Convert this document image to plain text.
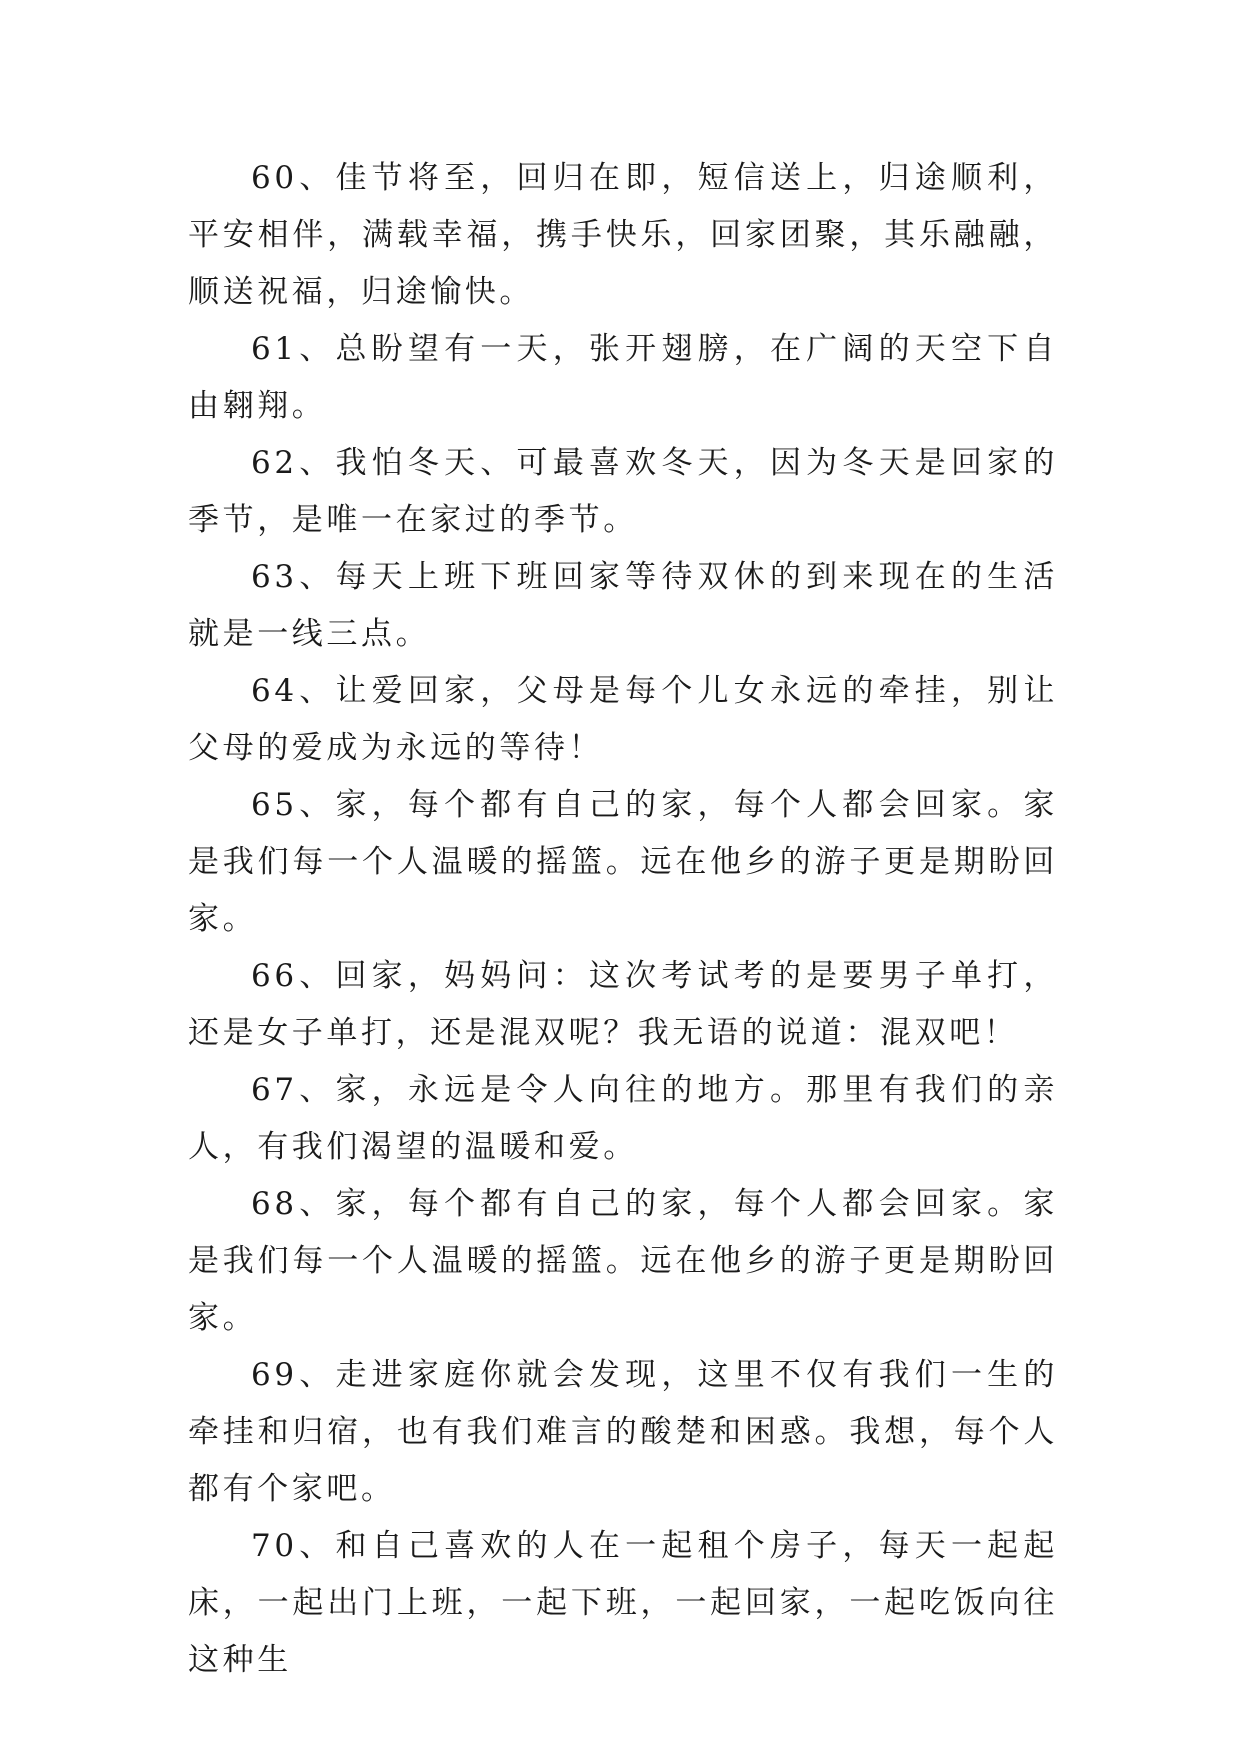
60、佳节将至，回归在即，短信送上，归途顺利，平安相伴，满载幸福，携手快乐，回家团聚，其乐融融，顺送祝福，归途愉快。

61、总盼望有一天，张开翅膀，在广阔的天空下自由翱翔。

62、我怕冬天、可最喜欢冬天，因为冬天是回家的季节，是唯一在家过的季节。

63、每天上班下班回家等待双休的到来现在的生活就是一线三点。

64、让爱回家，父母是每个儿女永远的牵挂，别让父母的爱成为永远的等待！

65、家，每个都有自己的家，每个人都会回家。家是我们每一个人温暖的摇篮。远在他乡的游子更是期盼回家。

66、回家，妈妈问：这次考试考的是要男子单打，还是女子单打，还是混双呢？我无语的说道：混双吧！

67、家，永远是令人向往的地方。那里有我们的亲人，有我们渴望的温暖和爱。

68、家，每个都有自己的家，每个人都会回家。家是我们每一个人温暖的摇篮。远在他乡的游子更是期盼回家。

69、走进家庭你就会发现，这里不仅有我们一生的牵挂和归宿，也有我们难言的酸楚和困惑。我想，每个人都有个家吧。

70、和自己喜欢的人在一起租个房子，每天一起起床，一起出门上班，一起下班，一起回家，一起吃饭向往这种生
